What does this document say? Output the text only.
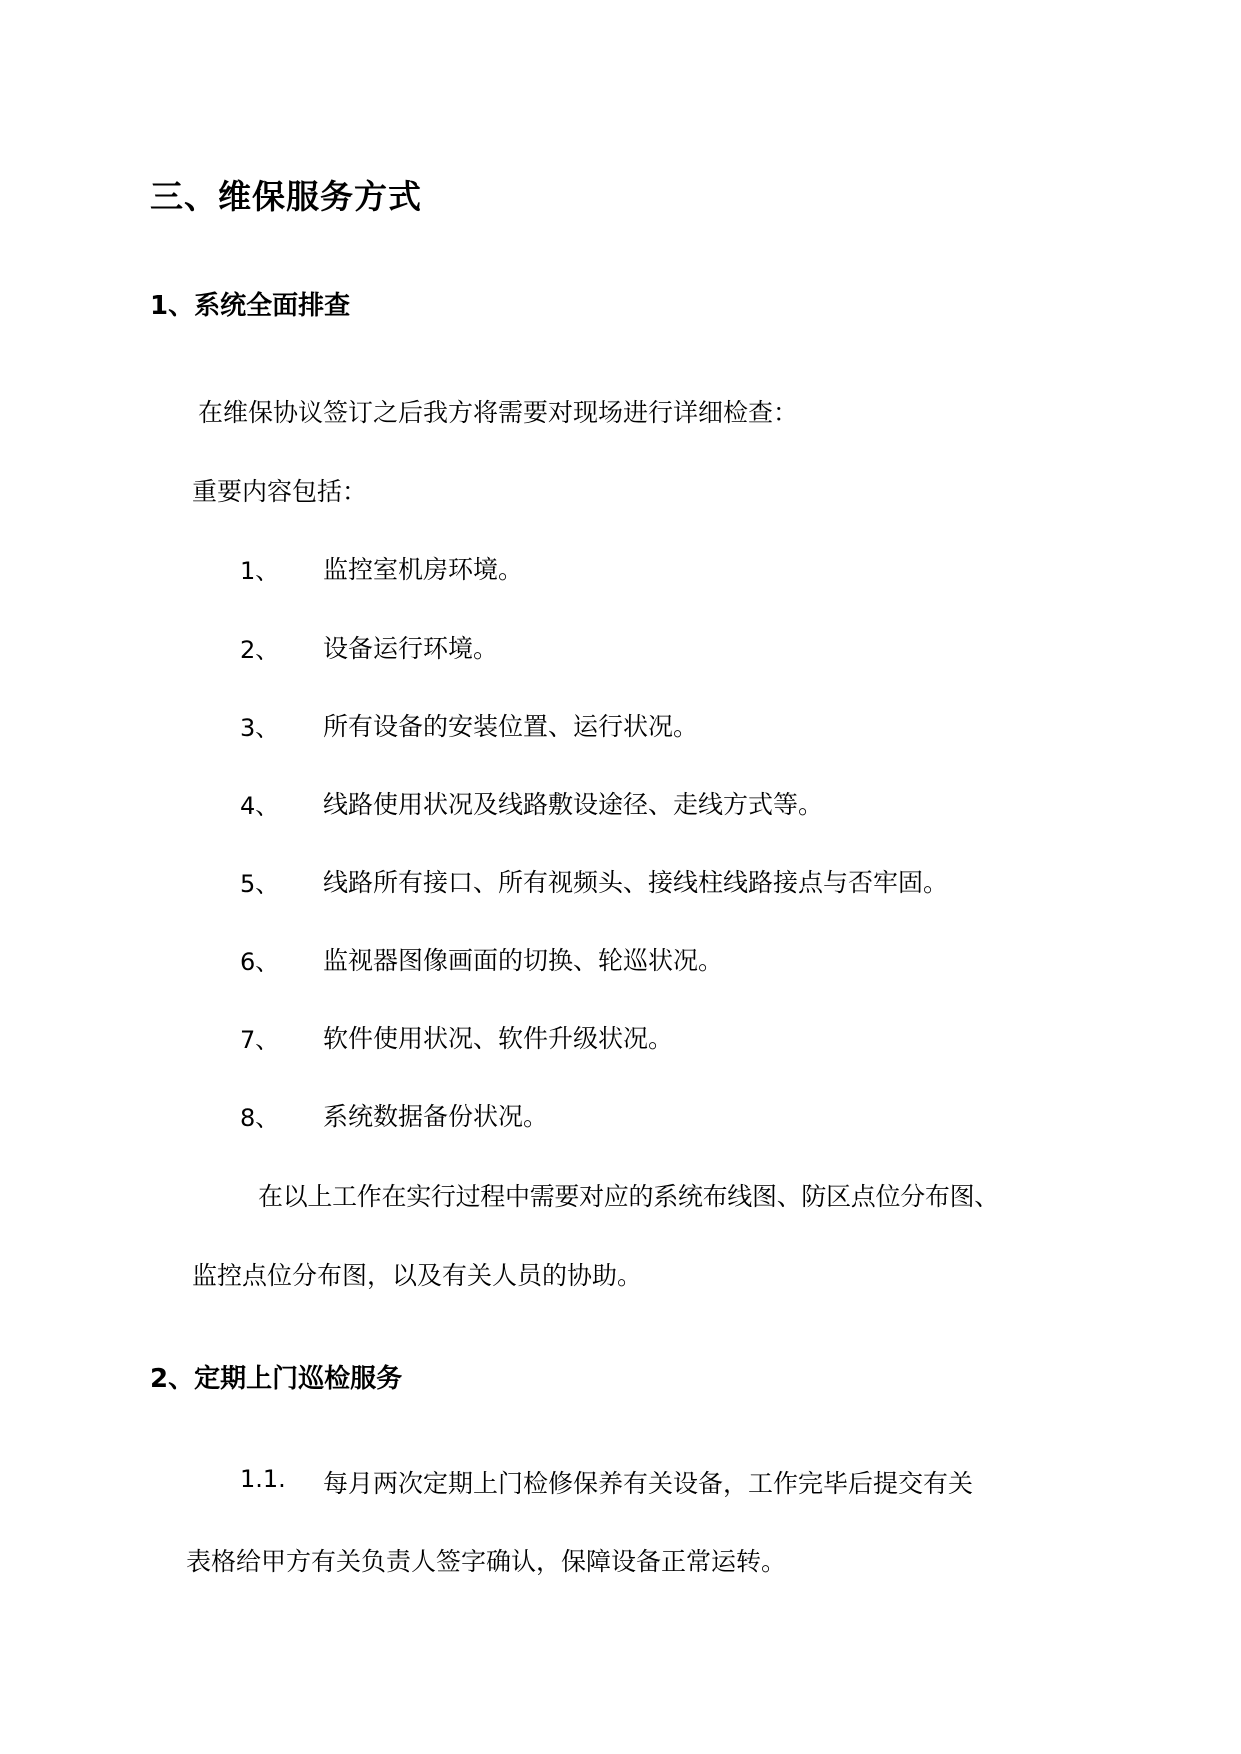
三、维保服务方式
1、系统全面排查
在维保协议签订之后我方将需要对现场进行详细检查：
重要内容包括：
1、 监控室机房环境。
2、 设备运行环境。
3、 所有设备的安装位置、运行状况。
4、 线路使用状况及线路敷设途径、走线方式等。
5、 线路所有接口、所有视频头、接线柱线路接点与否牢固。
6、 监视器图像画面的切换、轮巡状况。
7、 软件使用状况、软件升级状况。
8、 系统数据备份状况。
在以上工作在实行过程中需要对应的系统布线图、防区点位分布图、
监控点位分布图，以及有关人员的协助。
2、定期上门巡检服务
1.1. 每月两次定期上门检修保养有关设备，工作完毕后提交有关
表格给甲方有关负责人签字确认，保障设备正常运转。
